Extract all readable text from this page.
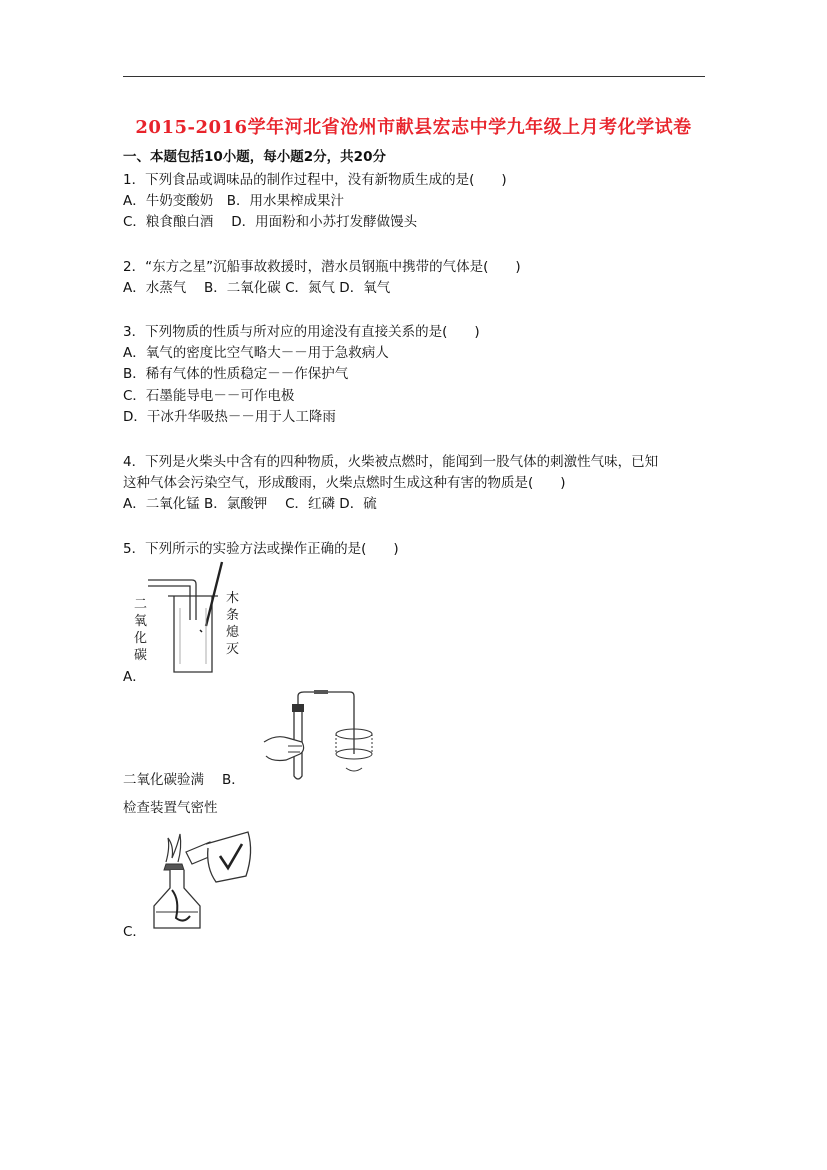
2015-2016学年河北省沧州市献县宏志中学九年级上月考化学试卷
一、本题包括10小题，每小题2分，共20分
1．下列食品或调味品的制作过程中，没有新物质生成的是(　　)
A．牛奶变酸奶　B．用水果榨成果汁
C．粮食酿白酒　 D．用面粉和小苏打发酵做馒头
2．“东方之星”沉船事故救援时，潜水员钢瓶中携带的气体是(　　)
A．水蒸气　 B．二氧化碳 C．氮气 D．氧气
3．下列物质的性质与所对应的用途没有直接关系的是(　　)
A．氧气的密度比空气略大－－用于急救病人
B．稀有气体的性质稳定－－作保护气
C．石墨能导电－－可作电极
D．干冰升华吸热－－用于人工降雨
4．下列是火柴头中含有的四种物质，火柴被点燃时，能闻到一股气体的刺激性气味，已知
这种气体会污染空气，形成酸雨，火柴点燃时生成这种有害的物质是(　　)
A．二氧化锰 B．氯酸钾　 C．红磷 D．硫
5．下列所示的实验方法或操作正确的是(　　)
二
氧
化
碳
木
条
熄
灭
A．
二氧化碳验满 B．
检查装置气密性
C．
